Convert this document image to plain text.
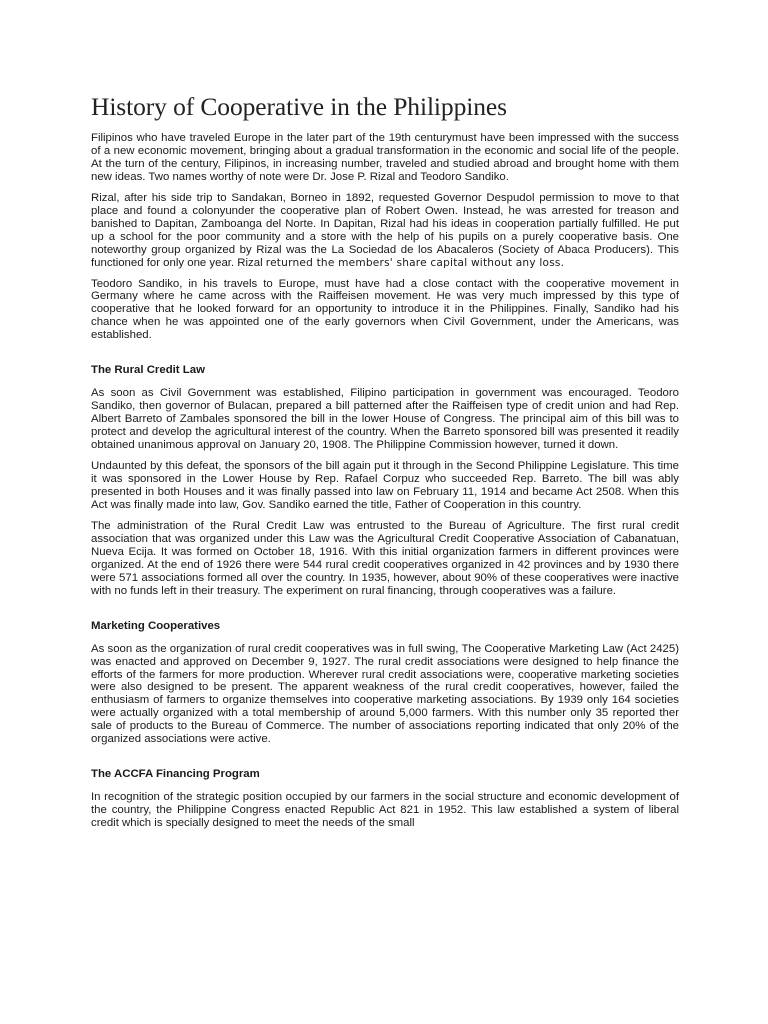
History of Cooperative in the Philippines

Filipinos who have traveled Europe in the later part of the 19th centurymust have been impressed with the success of a new economic movement, bringing about a gradual transformation in the economic and social life of the people. At the turn of the century, Filipinos, in increasing number, traveled and studied abroad and brought home with them new ideas. Two names worthy of note were Dr. Jose P. Rizal and Teodoro Sandiko.

Rizal, after his side trip to Sandakan, Borneo in 1892, requested Governor Despudol permission to move to that place and found a colonyunder the cooperative plan of Robert Owen. Instead, he was arrested for treason and banished to Dapitan, Zamboanga del Norte. In Dapitan, Rizal had his ideas in cooperation partially fulfilled. He put up a school for the poor community and a store with the help of his pupils on a purely cooperative basis. One noteworthy group organized by Rizal was the La Sociedad de los Abacaleros (Society of Abaca Producers). This functioned for only one year. Rizal returned the members' share capital without any loss.

Teodoro Sandiko, in his travels to Europe, must have had a close contact with the cooperative movement in Germany where he came across with the Raiffeisen movement. He was very much impressed by this type of cooperative that he looked forward for an opportunity to introduce it in the Philippines. Finally, Sandiko had his chance when he was appointed one of the early governors when Civil Government, under the Americans, was established.

The Rural Credit Law

As soon as Civil Government was established, Filipino participation in government was encouraged. Teodoro Sandiko, then governor of Bulacan, prepared a bill patterned after the Raiffeisen type of credit union and had Rep. Albert Barreto of Zambales sponsored the bill in the lower House of Congress. The principal aim of this bill was to protect and develop the agricultural interest of the country. When the Barreto sponsored bill was presented it readily obtained unanimous approval on January 20, 1908. The Philippine Commission however, turned it down.

Undaunted by this defeat, the sponsors of the bill again put it through in the Second Philippine Legislature. This time it was sponsored in the Lower House by Rep. Rafael Corpuz who succeeded Rep. Barreto. The bill was ably presented in both Houses and it was finally passed into law on February 11, 1914 and became Act 2508. When this Act was finally made into law, Gov. Sandiko earned the title, Father of Cooperation in this country.

The administration of the Rural Credit Law was entrusted to the Bureau of Agriculture. The first rural credit association that was organized under this Law was the Agricultural Credit Cooperative Association of Cabanatuan, Nueva Ecija. It was formed on October 18, 1916. With this initial organization farmers in different provinces were organized. At the end of 1926 there were 544 rural credit cooperatives organized in 42 provinces and by 1930 there were 571 associations formed all over the country. In 1935, however, about 90% of these cooperatives were inactive with no funds left in their treasury. The experiment on rural financing, through cooperatives was a failure.

Marketing Cooperatives

As soon as the organization of rural credit cooperatives was in full swing, The Cooperative Marketing Law (Act 2425) was enacted and approved on December 9, 1927. The rural credit associations were designed to help finance the efforts of the farmers for more production. Wherever rural credit associations were, cooperative marketing societies were also designed to be present. The apparent weakness of the rural credit cooperatives, however, failed the enthusiasm of farmers to organize themselves into cooperative marketing associations. By 1939 only 164 societies were actually organized with a total membership of around 5,000 farmers. With this number only 35 reported ther sale of products to the Bureau of Commerce. The number of associations reporting indicated that only 20% of the organized associations were active.

The ACCFA Financing Program

In recognition of the strategic position occupied by our farmers in the social structure and economic development of the country, the Philippine Congress enacted Republic Act 821 in 1952. This law established a system of liberal credit which is specially designed to meet the needs of the small
